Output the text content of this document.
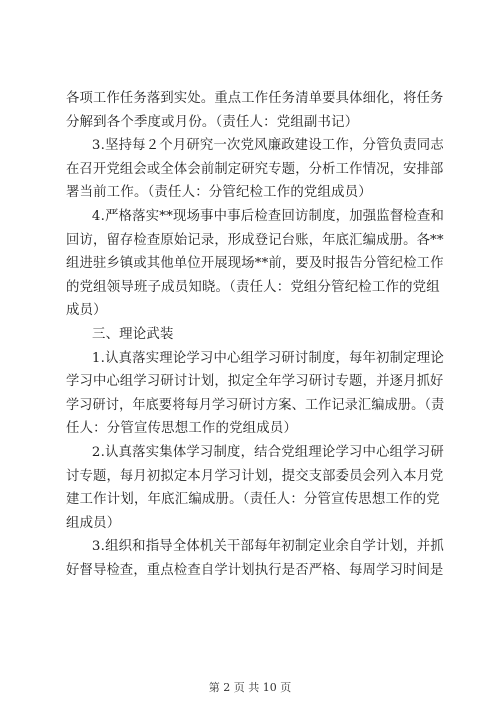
各项工作任务落到实处。重点工作任务清单要具体细化，将任务
分解到各个季度或月份。（责任人：党组副书记）
3.坚持每２个月研究一次党风廉政建设工作，分管负责同志
在召开党组会或全体会前制定研究专题，分析工作情况，安排部
署当前工作。（责任人：分管纪检工作的党组成员）
4.严格落实**现场事中事后检查回访制度，加强监督检查和
回访，留存检查原始记录，形成登记台账，年底汇编成册。各**
组进驻乡镇或其他单位开展现场**前，要及时报告分管纪检工作
的党组领导班子成员知晓。（责任人：党组分管纪检工作的党组
成员）
三、理论武装
1.认真落实理论学习中心组学习研讨制度，每年初制定理论
学习中心组学习研讨计划，拟定全年学习研讨专题，并逐月抓好
学习研讨，年底要将每月学习研讨方案、工作记录汇编成册。（责
任人：分管宣传思想工作的党组成员）
2.认真落实集体学习制度，结合党组理论学习中心组学习研
讨专题，每月初拟定本月学习计划，提交支部委员会列入本月党
建工作计划，年底汇编成册。（责任人：分管宣传思想工作的党
组成员）
3.组织和指导全体机关干部每年初制定业余自学计划，并抓
好督导检查，重点检查自学计划执行是否严格、每周学习时间是
第 2 页 共 10 页
